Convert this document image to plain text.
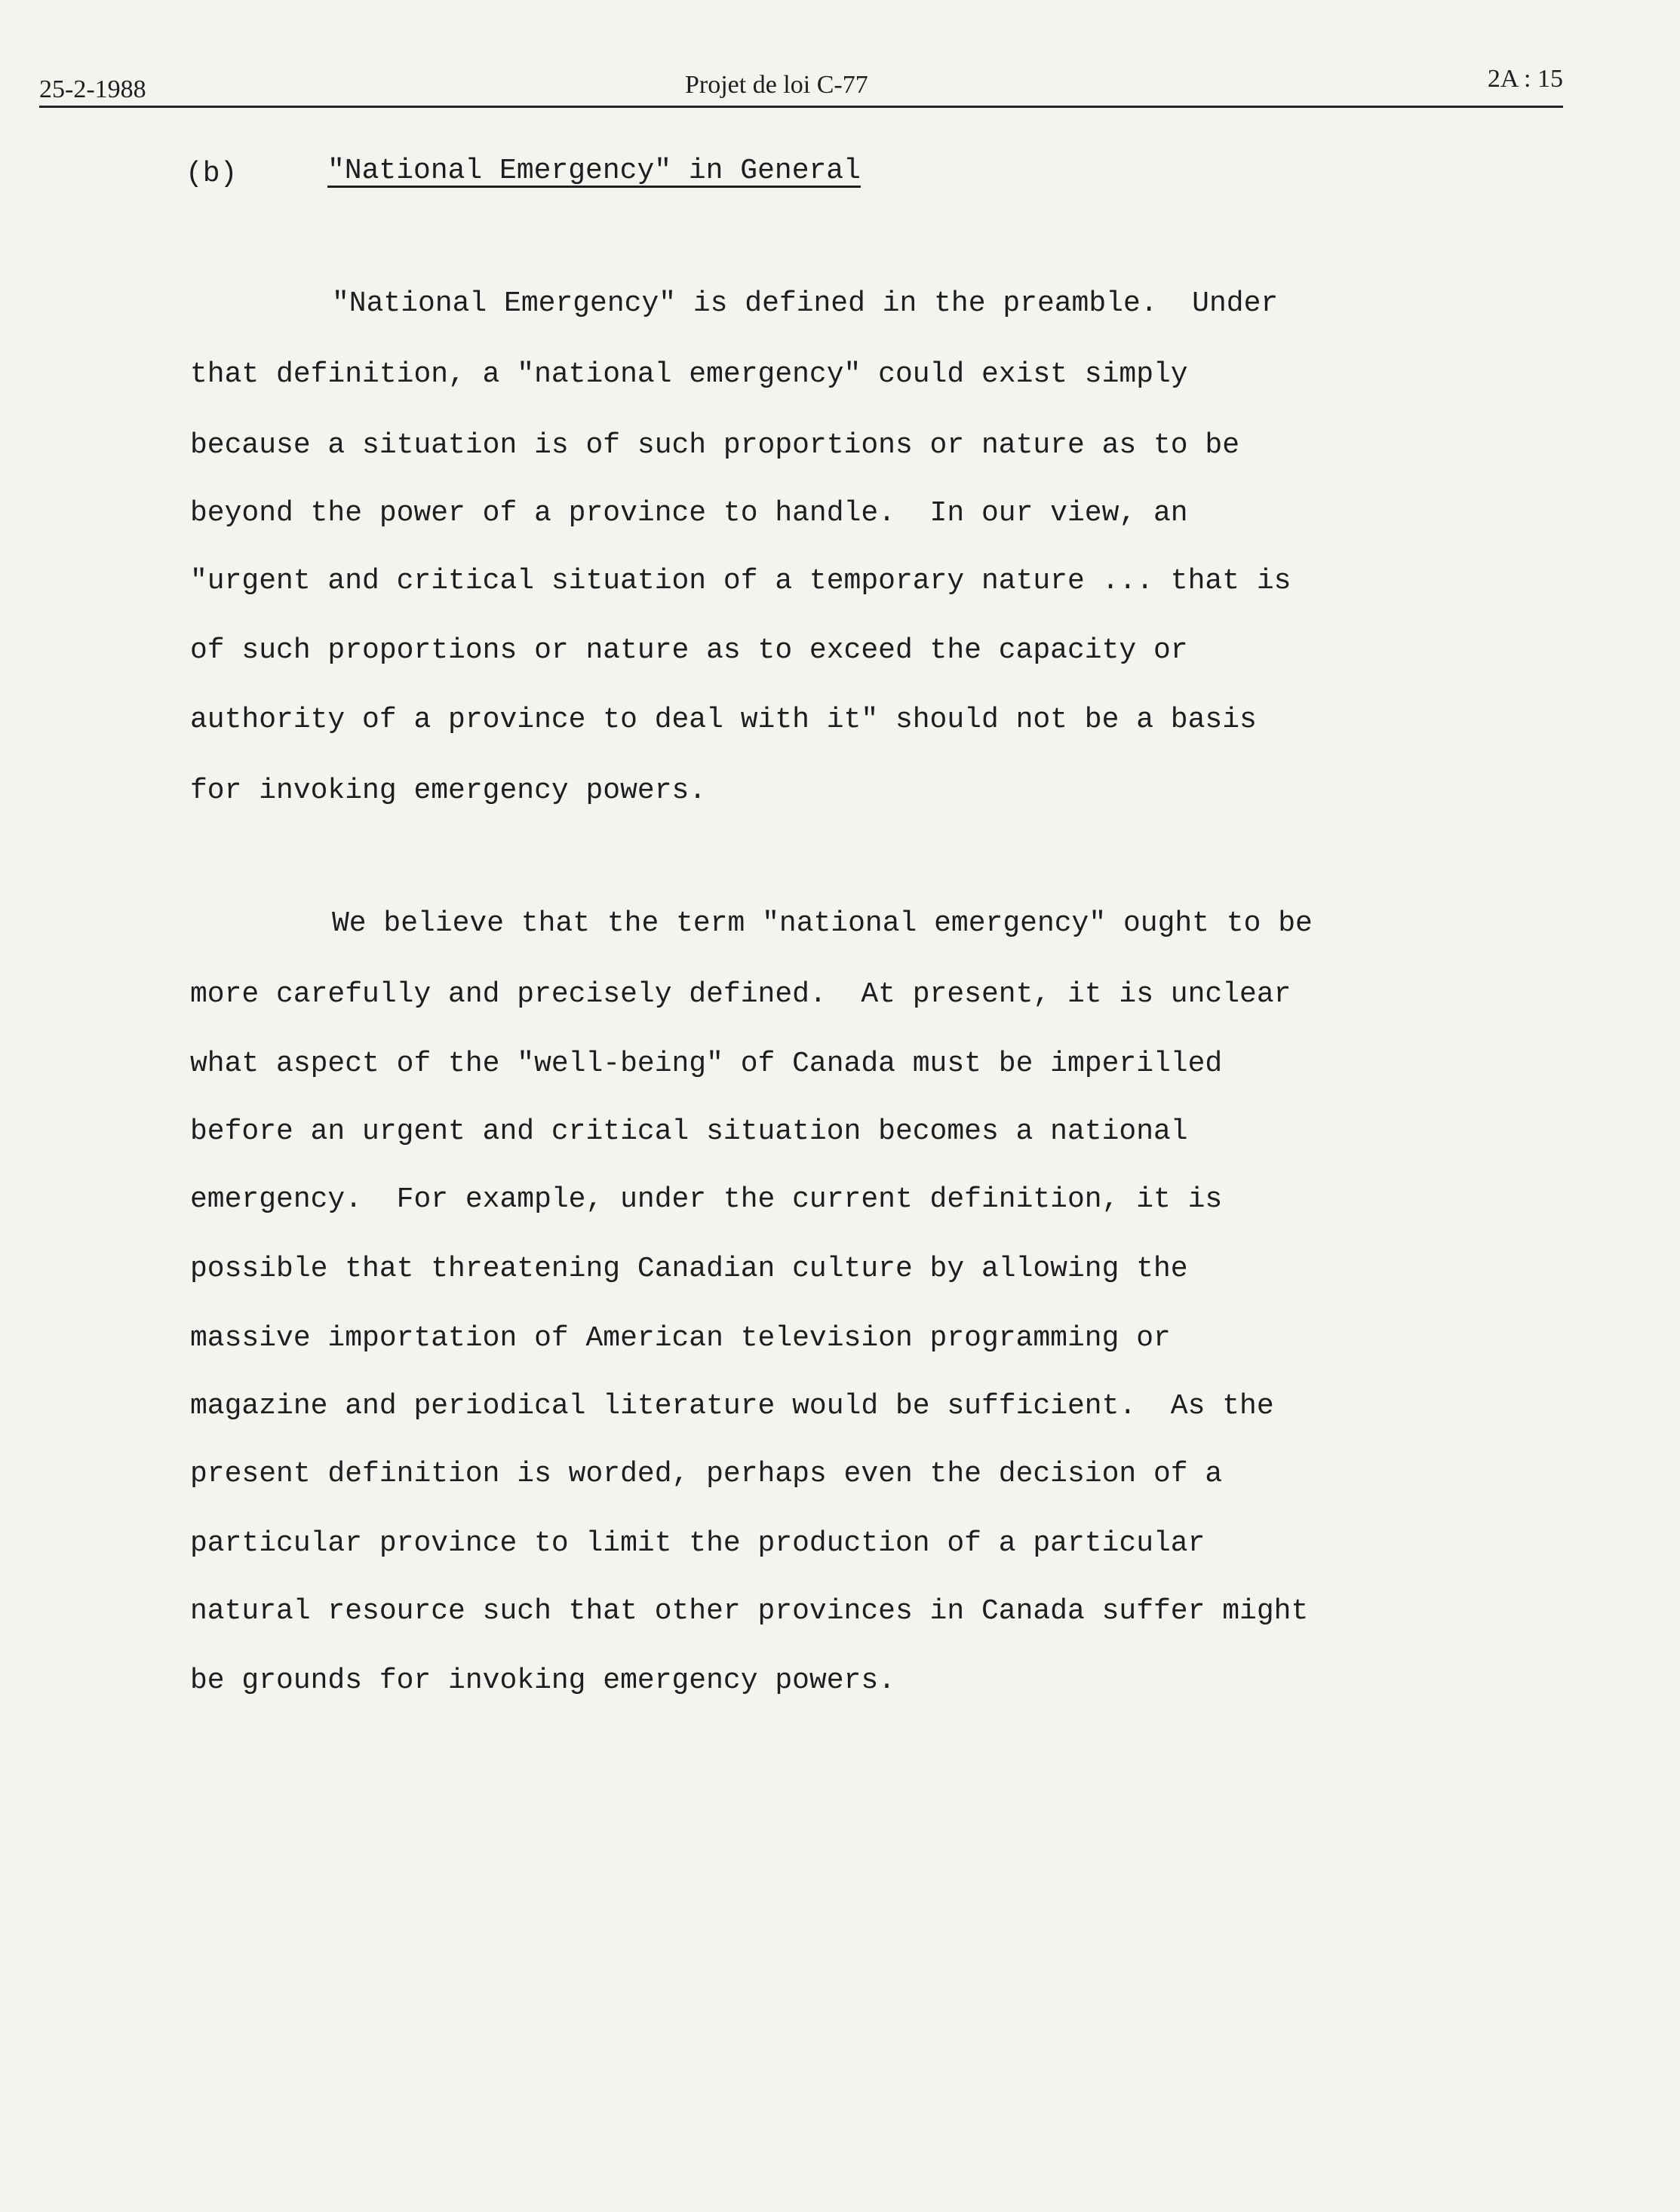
25-2-1988	Projet de loi C-77	2A : 15
(b)	"National Emergency" in General
"National Emergency" is defined in the preamble.  Under
that definition, a "national emergency" could exist simply
because a situation is of such proportions or nature as to be
beyond the power of a province to handle.  In our view, an
"urgent and critical situation of a temporary nature ... that is
of such proportions or nature as to exceed the capacity or
authority of a province to deal with it" should not be a basis
for invoking emergency powers.
We believe that the term "national emergency" ought to be
more carefully and precisely defined.  At present, it is unclear
what aspect of the "well-being" of Canada must be imperilled
before an urgent and critical situation becomes a national
emergency.  For example, under the current definition, it is
possible that threatening Canadian culture by allowing the
massive importation of American television programming or
magazine and periodical literature would be sufficient.  As the
present definition is worded, perhaps even the decision of a
particular province to limit the production of a particular
natural resource such that other provinces in Canada suffer might
be grounds for invoking emergency powers.
